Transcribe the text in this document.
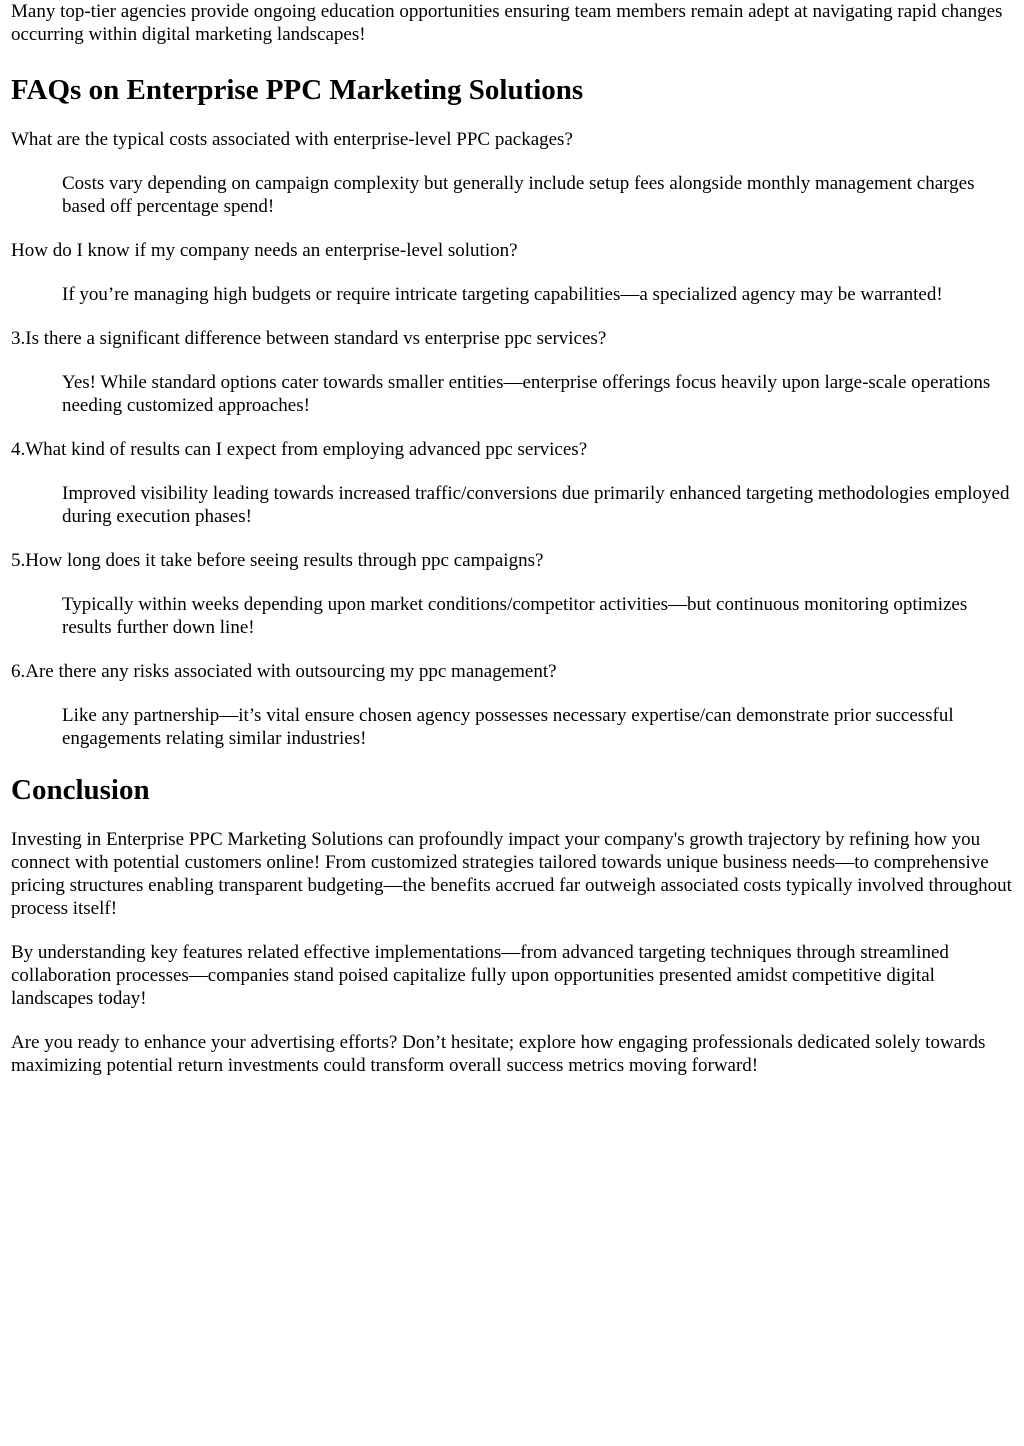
Many top-tier agencies provide ongoing education opportunities ensuring team members remain adept at navigating rapid changes occurring within digital marketing landscapes!

FAQs on Enterprise PPC Marketing Solutions

What are the typical costs associated with enterprise-level PPC packages?

Costs vary depending on campaign complexity but generally include setup fees alongside monthly management charges based off percentage spend!

How do I know if my company needs an enterprise-level solution?

If you’re managing high budgets or require intricate targeting capabilities—a specialized agency may be warranted!

3.Is there a significant difference between standard vs enterprise ppc services?

Yes! While standard options cater towards smaller entities—enterprise offerings focus heavily upon large-scale operations needing customized approaches!

4.What kind of results can I expect from employing advanced ppc services?

Improved visibility leading towards increased traffic/conversions due primarily enhanced targeting methodologies employed during execution phases!

5.How long does it take before seeing results through ppc campaigns?

Typically within weeks depending upon market conditions/competitor activities—but continuous monitoring optimizes results further down line!

6.Are there any risks associated with outsourcing my ppc management?

Like any partnership—it’s vital ensure chosen agency possesses necessary expertise/can demonstrate prior successful engagements relating similar industries!

Conclusion

Investing in Enterprise PPC Marketing Solutions can profoundly impact your company's growth trajectory by refining how you connect with potential customers online! From customized strategies tailored towards unique business needs—to comprehensive pricing structures enabling transparent budgeting—the benefits accrued far outweigh associated costs typically involved throughout process itself!

By understanding key features related effective implementations—from advanced targeting techniques through streamlined collaboration processes—companies stand poised capitalize fully upon opportunities presented amidst competitive digital landscapes today!

Are you ready to enhance your advertising efforts? Don’t hesitate; explore how engaging professionals dedicated solely towards maximizing potential return investments could transform overall success metrics moving forward!
